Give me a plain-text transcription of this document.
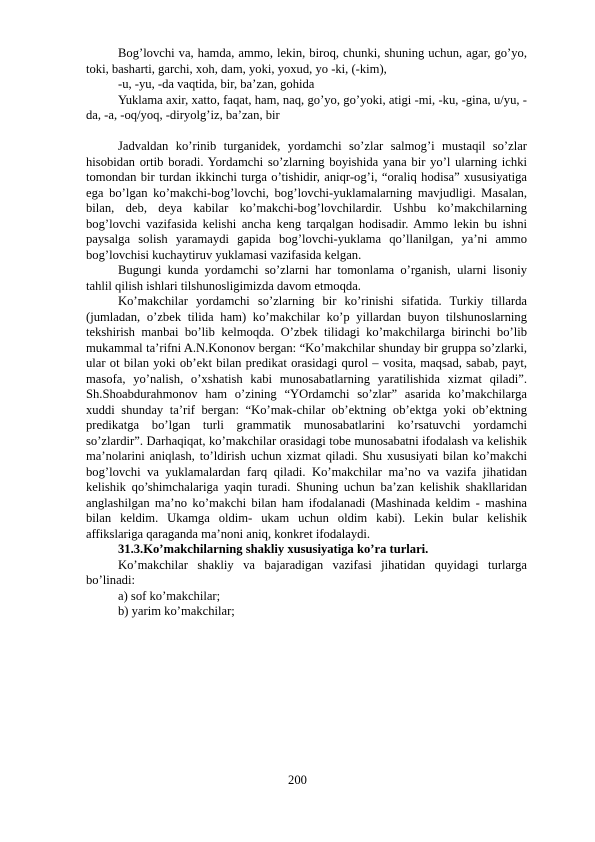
Bog’lovchi va, hamda, ammo, lekin, biroq, chunki, shuning uchun, agar, go’yo, toki, basharti, garchi, xoh, dam, yoki, yoxud, yo -ki, (-kim),

-u, -yu, -da vaqtida, bir, ba’zan, gohida

Yuklama axir, xatto, faqat, ham, naq, go’yo, go’yoki, atigi -mi, -ku, -gina, u/yu, -da, -a, -oq/yoq, -diryolg’iz, ba’zan, bir

Jadvaldan ko’rinib turganidek, yordamchi so’zlar salmog’i mustaqil so’zlar hisobidan ortib boradi. Yordamchi so’zlarning boyishida yana bir yo’l ularning ichki tomondan bir turdan ikkinchi turga o’tishidir, aniqr-og’i, “oraliq hodisa” xususiyatiga ega bo’lgan ko’makchi-bog’lovchi, bog’lovchi-yuklamalarning mavjudligi. Masalan, bilan, deb, deya kabilar ko’makchi-bog’lovchilardir. Ushbu ko’makchilarning bog’lovchi vazifasida kelishi ancha keng tarqalgan hodisadir. Ammo lekin bu ishni paysalga solish yaramaydi gapida bog’lovchi-yuklama qo’llanilgan, ya’ni ammo bog’lovchisi kuchaytiruv yuklamasi vazifasida kelgan.

Bugungi kunda yordamchi so’zlarni har tomonlama o’rganish, ularni lisoniy tahlil qilish ishlari tilshunosligimizda davom etmoqda.

Ko’makchilar yordamchi so’zlarning bir ko’rinishi sifatida. Turkiy tillarda (jumladan, o’zbek tilida ham) ko’makchilar ko’p yillardan buyon tilshunoslarning tekshirish manbai bo’lib kelmoqda. O’zbek tilidagi ko’makchilarga birinchi bo’lib mukammal ta’rifni A.N.Kononov bergan: “Ko’makchilar shunday bir gruppa so’zlarki, ular ot bilan yoki ob’ekt bilan predikat orasidagi qurol – vosita, maqsad, sabab, payt, masofa, yo’nalish, o’xshatish kabi munosabatlarning yaratilishida xizmat qiladi”. Sh.Shoabdurahmonov ham o’zining “YOrdamchi so’zlar” asarida ko’makchilarga xuddi shunday ta’rif bergan: “Ko’mak-chilar ob’ektning ob’ektga yoki ob’ektning predikatga bo’lgan turli grammatik munosabatlarini ko’rsatuvchi yordamchi so’zlardir”. Darhaqiqat, ko’makchilar orasidagi tobe munosabatni ifodalash va kelishik ma’nolarini aniqlash, to’ldirish uchun xizmat qiladi. Shu xususiyati bilan ko’makchi bog’lovchi va yuklamalardan farq qiladi. Ko’makchilar ma’no va vazifa jihatidan kelishik qo’shimchalariga yaqin turadi. Shuning uchun ba’zan kelishik shakllaridan anglashilgan ma’no ko’makchi bilan ham ifodalanadi (Mashinada keldim - mashina bilan keldim. Ukamga oldim- ukam uchun oldim kabi). Lekin bular kelishik affikslariga qaraganda ma’noni aniq, konkret ifodalaydi.

31.3.Ko’makchilarning shakliy xususiyatiga ko’ra turlari.

Ko’makchilar shakliy va bajaradigan vazifasi jihatidan quyidagi turlarga bo’linadi:

a) sof ko’makchilar;

b) yarim ko’makchilar;

200
